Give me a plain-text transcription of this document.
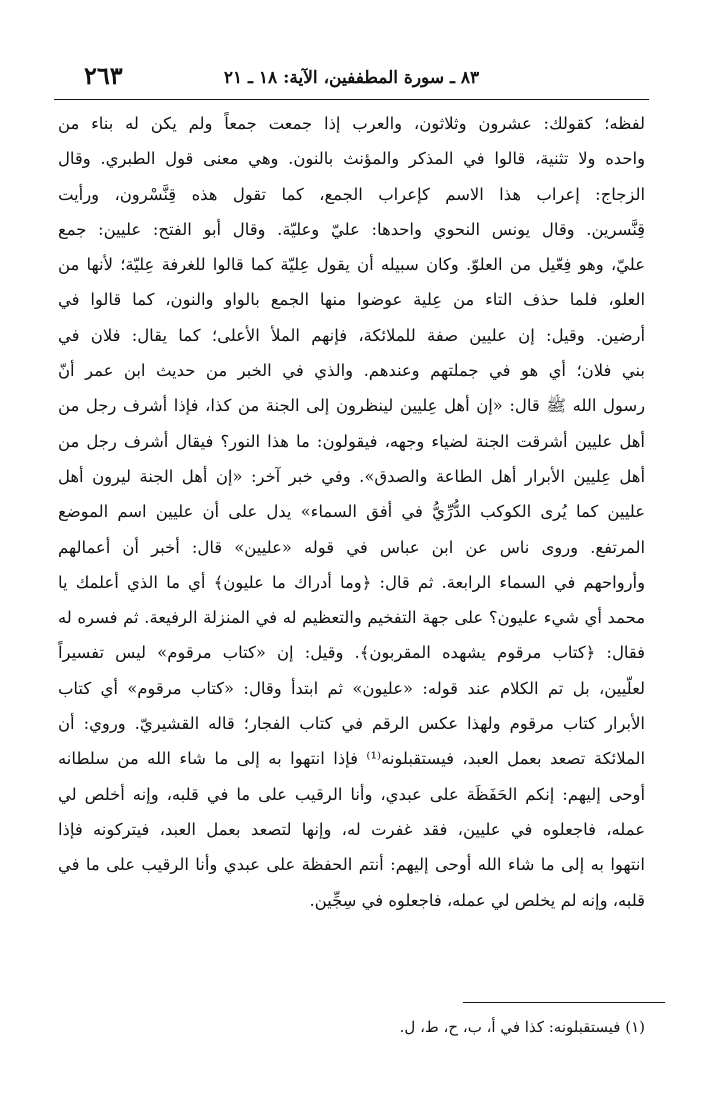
٨٣ ـ سورة المطففين، الآية: ١٨ ـ ٢١
٢٦٣
لفظه؛ كقولك: عشرون وثلاثون، والعرب إذا جمعت جمعاً ولم يكن له بناء من
واحده ولا تثنية، قالوا في المذكر والمؤنث بالنون. وهي معنى قول الطبري. وقال
الزجاج: إعراب هذا الاسم كإعراب الجمع، كما تقول هذه قِنَّسْرون، ورأيت
قِنَّسرين. وقال يونس النحوي واحدها: عليّ وعليّة. وقال أبو الفتح: عليين: جمع
عليّ، وهو فِعّيل من العلوّ. وكان سبيله أن يقول عِليّة كما قالوا للغرفة عِليّة؛ لأنها من
العلو، فلما حذف التاء من عِلية عوضوا منها الجمع بالواو والنون، كما قالوا في
أرضين. وقيل: إن عليين صفة للملائكة، فإنهم الملأ الأعلى؛ كما يقال: فلان في
بني فلان؛ أي هو في جملتهم وعندهم. والذي في الخبر من حديث ابن عمر أنّ
رسول الله ﷺ قال: «إن أهل عِليين لينظرون إلى الجنة من كذا، فإذا أشرف رجل من
أهل عليين أشرقت الجنة لضياء وجهه، فيقولون: ما هذا النور؟ فيقال أشرف رجل من
أهل عِليين الأبرار أهل الطاعة والصدق». وفي خبر آخر: «إن أهل الجنة ليرون أهل
عليين كما يُرى الكوكب الدُّرِّيُّ في أفق السماء» يدل على أن عليين اسم الموضع
المرتفع. وروى ناس عن ابن عباس في قوله «عليين» قال: أخبر أن أعمالهم
وأرواحهم في السماء الرابعة. ثم قال: ﴿وما أدراك ما عليون﴾ أي ما الذي أعلمك يا
محمد أي شيء عليون؟ على جهة التفخيم والتعظيم له في المنزلة الرفيعة. ثم فسره له
فقال: ﴿كتاب مرقوم يشهده المقربون﴾. وقيل: إن «كتاب مرقوم» ليس تفسيراً
لعلّيين، بل تم الكلام عند قوله: «عليون» ثم ابتدأ وقال: «كتاب مرقوم» أي كتاب
الأبرار كتاب مرقوم ولهذا عكس الرقم في كتاب الفجار؛ قاله القشيريّ. وروي: أن
الملائكة تصعد بعمل العبد، فيستقبلونه⁽¹⁾ فإذا انتهوا به إلى ما شاء الله من سلطانه
أوحى إليهم: إنكم الحَفَظَة على عبدي، وأنا الرقيب على ما في قلبه، وإنه أخلص لي
عمله، فاجعلوه في عليين، فقد غفرت له، وإنها لتصعد بعمل العبد، فيتركونه فإذا
انتهوا به إلى ما شاء الله أوحى إليهم: أنتم الحفظة على عبدي وأنا الرقيب على ما في
قلبه، وإنه لم يخلص لي عمله، فاجعلوه في سِجِّين.
(١) فيستقبلونه: كذا في أ، ب، ح، ط، ل.
